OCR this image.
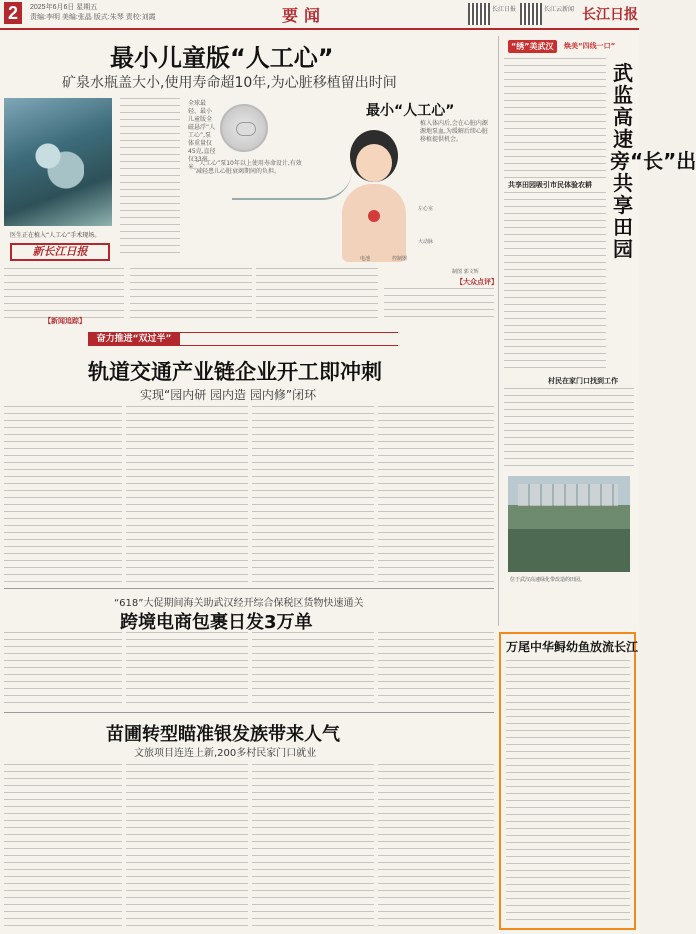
2	2025年6月6日 星期五
责编:李明 美编:张晶 版式:朱琴 责校:刘霞	要闻	长江日报	长江云新闻 长江日报
最小儿童版“人工心”
矿泉水瓶盖大小,使用寿命超10年,为心脏移植留出时间
医生正在植入“人工心”手术现场。
新长江日报
全球最轻、最小儿童版全磁悬浮“人工心”,泵体重量仅45克,直径仅33毫米。
“人工心”泵10年以上使用寿命设计,有效减轻患儿心脏衰竭期间的负担。
最小“人工心”
植入体内后,会在心脏内源源地泵血,为缓解后续心脏移植提供机会。
左心室
大动脉
电池	控制器
制图 郭文辉
【大众点评】
【新闻追踪】
奋力推进“双过半”
轨道交通产业链企业开工即冲刺
实现“园内研 园内造 园内修”闭环
“618”大促期间海关助武汉经开综合保税区货物快速通关
跨境电商包裹日发3万单
苗圃转型瞄准银发族带来人气
文旅项目连连上新,200多村民家门口就业
“绣”美武汉	焕美“四线一口”
武监高速旁“长”出共享田园
共享田园吸引市民体验农耕
村民在家门口找到工作
位于武汉高速绿化带改造的田园。
万尾中华鲟幼鱼放流长江
